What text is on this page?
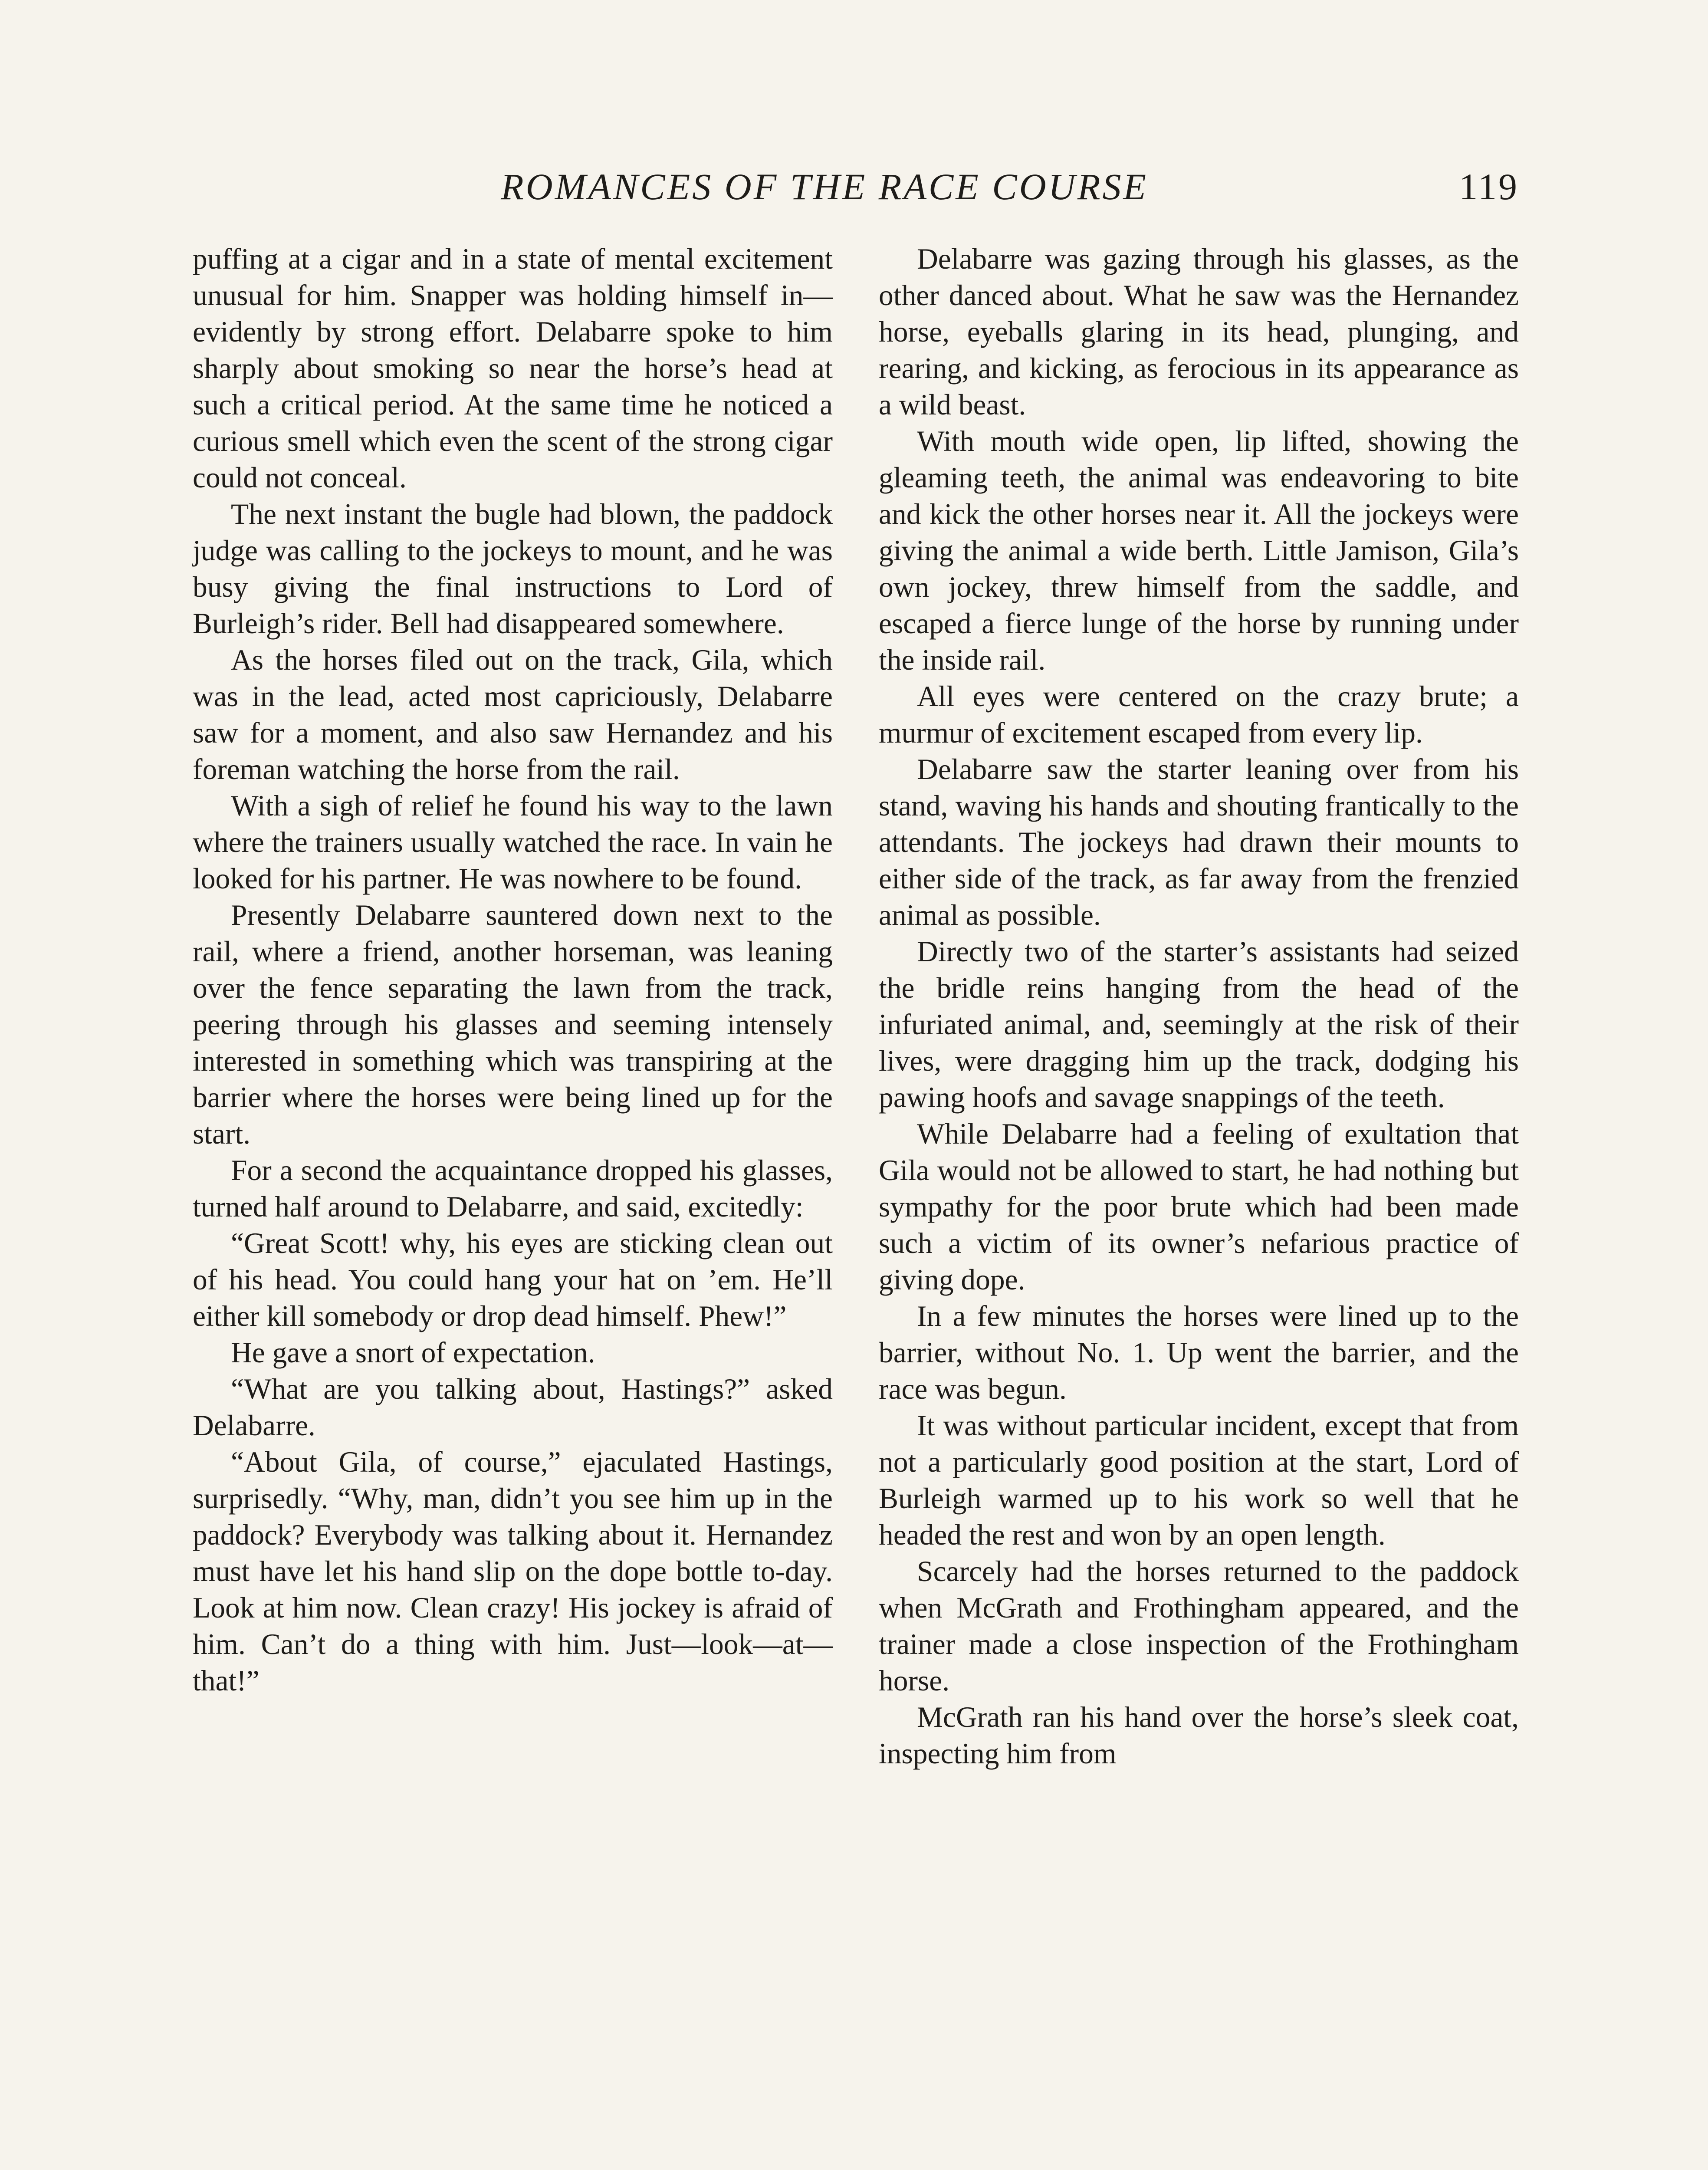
ROMANCES OF THE RACE COURSE	119

puffing at a cigar and in a state of mental excitement unusual for him. Snapper was holding himself in—evidently by strong effort. Delabarre spoke to him sharply about smoking so near the horse’s head at such a critical period. At the same time he noticed a curious smell which even the scent of the strong cigar could not conceal.

The next instant the bugle had blown, the paddock judge was calling to the jockeys to mount, and he was busy giving the final instructions to Lord of Burleigh’s rider. Bell had disappeared somewhere.

As the horses filed out on the track, Gila, which was in the lead, acted most capriciously, Delabarre saw for a moment, and also saw Hernandez and his foreman watching the horse from the rail.

With a sigh of relief he found his way to the lawn where the trainers usually watched the race. In vain he looked for his partner. He was nowhere to be found.

Presently Delabarre sauntered down next to the rail, where a friend, another horseman, was leaning over the fence separating the lawn from the track, peering through his glasses and seeming intensely interested in something which was transpiring at the barrier where the horses were being lined up for the start.

For a second the acquaintance dropped his glasses, turned half around to Delabarre, and said, excitedly:

“Great Scott! why, his eyes are sticking clean out of his head. You could hang your hat on ’em. He’ll either kill somebody or drop dead himself. Phew!”

He gave a snort of expectation.

“What are you talking about, Hastings?” asked Delabarre.

“About Gila, of course,” ejaculated Hastings, surprisedly. “Why, man, didn’t you see him up in the paddock? Everybody was talking about it. Hernandez must have let his hand slip on the dope bottle to-day. Look at him now. Clean crazy! His jockey is afraid of him. Can’t do a thing with him. Just—look—at—that!”

Delabarre was gazing through his glasses, as the other danced about. What he saw was the Hernandez horse, eyeballs glaring in its head, plunging, and rearing, and kicking, as ferocious in its appearance as a wild beast.

With mouth wide open, lip lifted, showing the gleaming teeth, the animal was endeavoring to bite and kick the other horses near it. All the jockeys were giving the animal a wide berth. Little Jamison, Gila’s own jockey, threw himself from the saddle, and escaped a fierce lunge of the horse by running under the inside rail.

All eyes were centered on the crazy brute; a murmur of excitement escaped from every lip.

Delabarre saw the starter leaning over from his stand, waving his hands and shouting frantically to the attendants. The jockeys had drawn their mounts to either side of the track, as far away from the frenzied animal as possible.

Directly two of the starter’s assistants had seized the bridle reins hanging from the head of the infuriated animal, and, seemingly at the risk of their lives, were dragging him up the track, dodging his pawing hoofs and savage snappings of the teeth.

While Delabarre had a feeling of exultation that Gila would not be allowed to start, he had nothing but sympathy for the poor brute which had been made such a victim of its owner’s nefarious practice of giving dope.

In a few minutes the horses were lined up to the barrier, without No. 1. Up went the barrier, and the race was begun.

It was without particular incident, except that from not a particularly good position at the start, Lord of Burleigh warmed up to his work so well that he headed the rest and won by an open length.

Scarcely had the horses returned to the paddock when McGrath and Frothingham appeared, and the trainer made a close inspection of the Frothingham horse.

McGrath ran his hand over the horse’s sleek coat, inspecting him from
